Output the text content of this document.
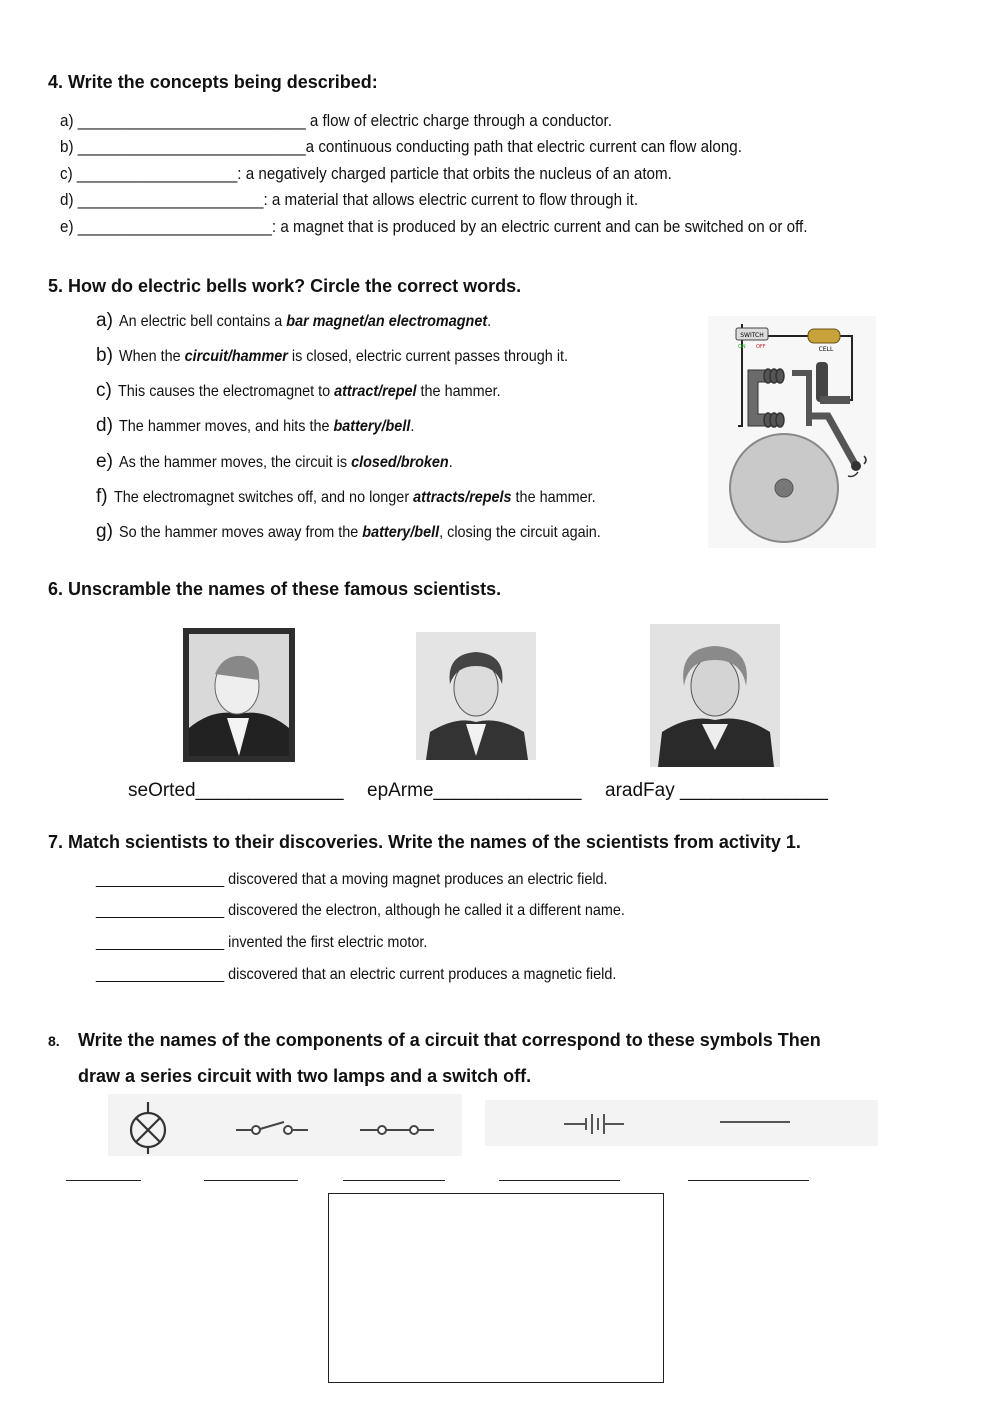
4. Write the concepts being described:
a) ___________________________ a flow of electric charge through a conductor.
b) ___________________________a continuous conducting path that electric current can flow along.
c) ___________________: a negatively charged particle that orbits the nucleus of an atom.
d) ______________________: a material that allows electric current to flow through it.
e) _______________________: a magnet that is produced by an electric current and can be switched on or off.
5. How do electric bells work? Circle the correct words.
a) An electric bell contains a bar magnet/an electromagnet.
b) When the circuit/hammer is closed, electric current passes through it.
c) This causes the electromagnet to attract/repel the hammer.
d) The hammer moves, and hits the battery/bell.
e) As the hammer moves, the circuit is closed/broken.
f) The electromagnet switches off, and no longer attracts/repels the hammer.
g) So the hammer moves away from the battery/bell, closing the circuit again.
SWITCH
ON OFF	CELL
6. Unscramble the names of these famous scientists.
seOrted______________ epArme______________ aradFay ______________
7. Match scientists to their discoveries. Write the names of the scientists from activity 1.
________________ discovered that a moving magnet produces an electric field.
________________ discovered the electron, although he called it a different name.
________________ invented the first electric motor.
________________ discovered that an electric current produces a magnetic field.
8. Write the names of the components of a circuit that correspond to these symbols Then
draw a series circuit with two lamps and a switch off.
